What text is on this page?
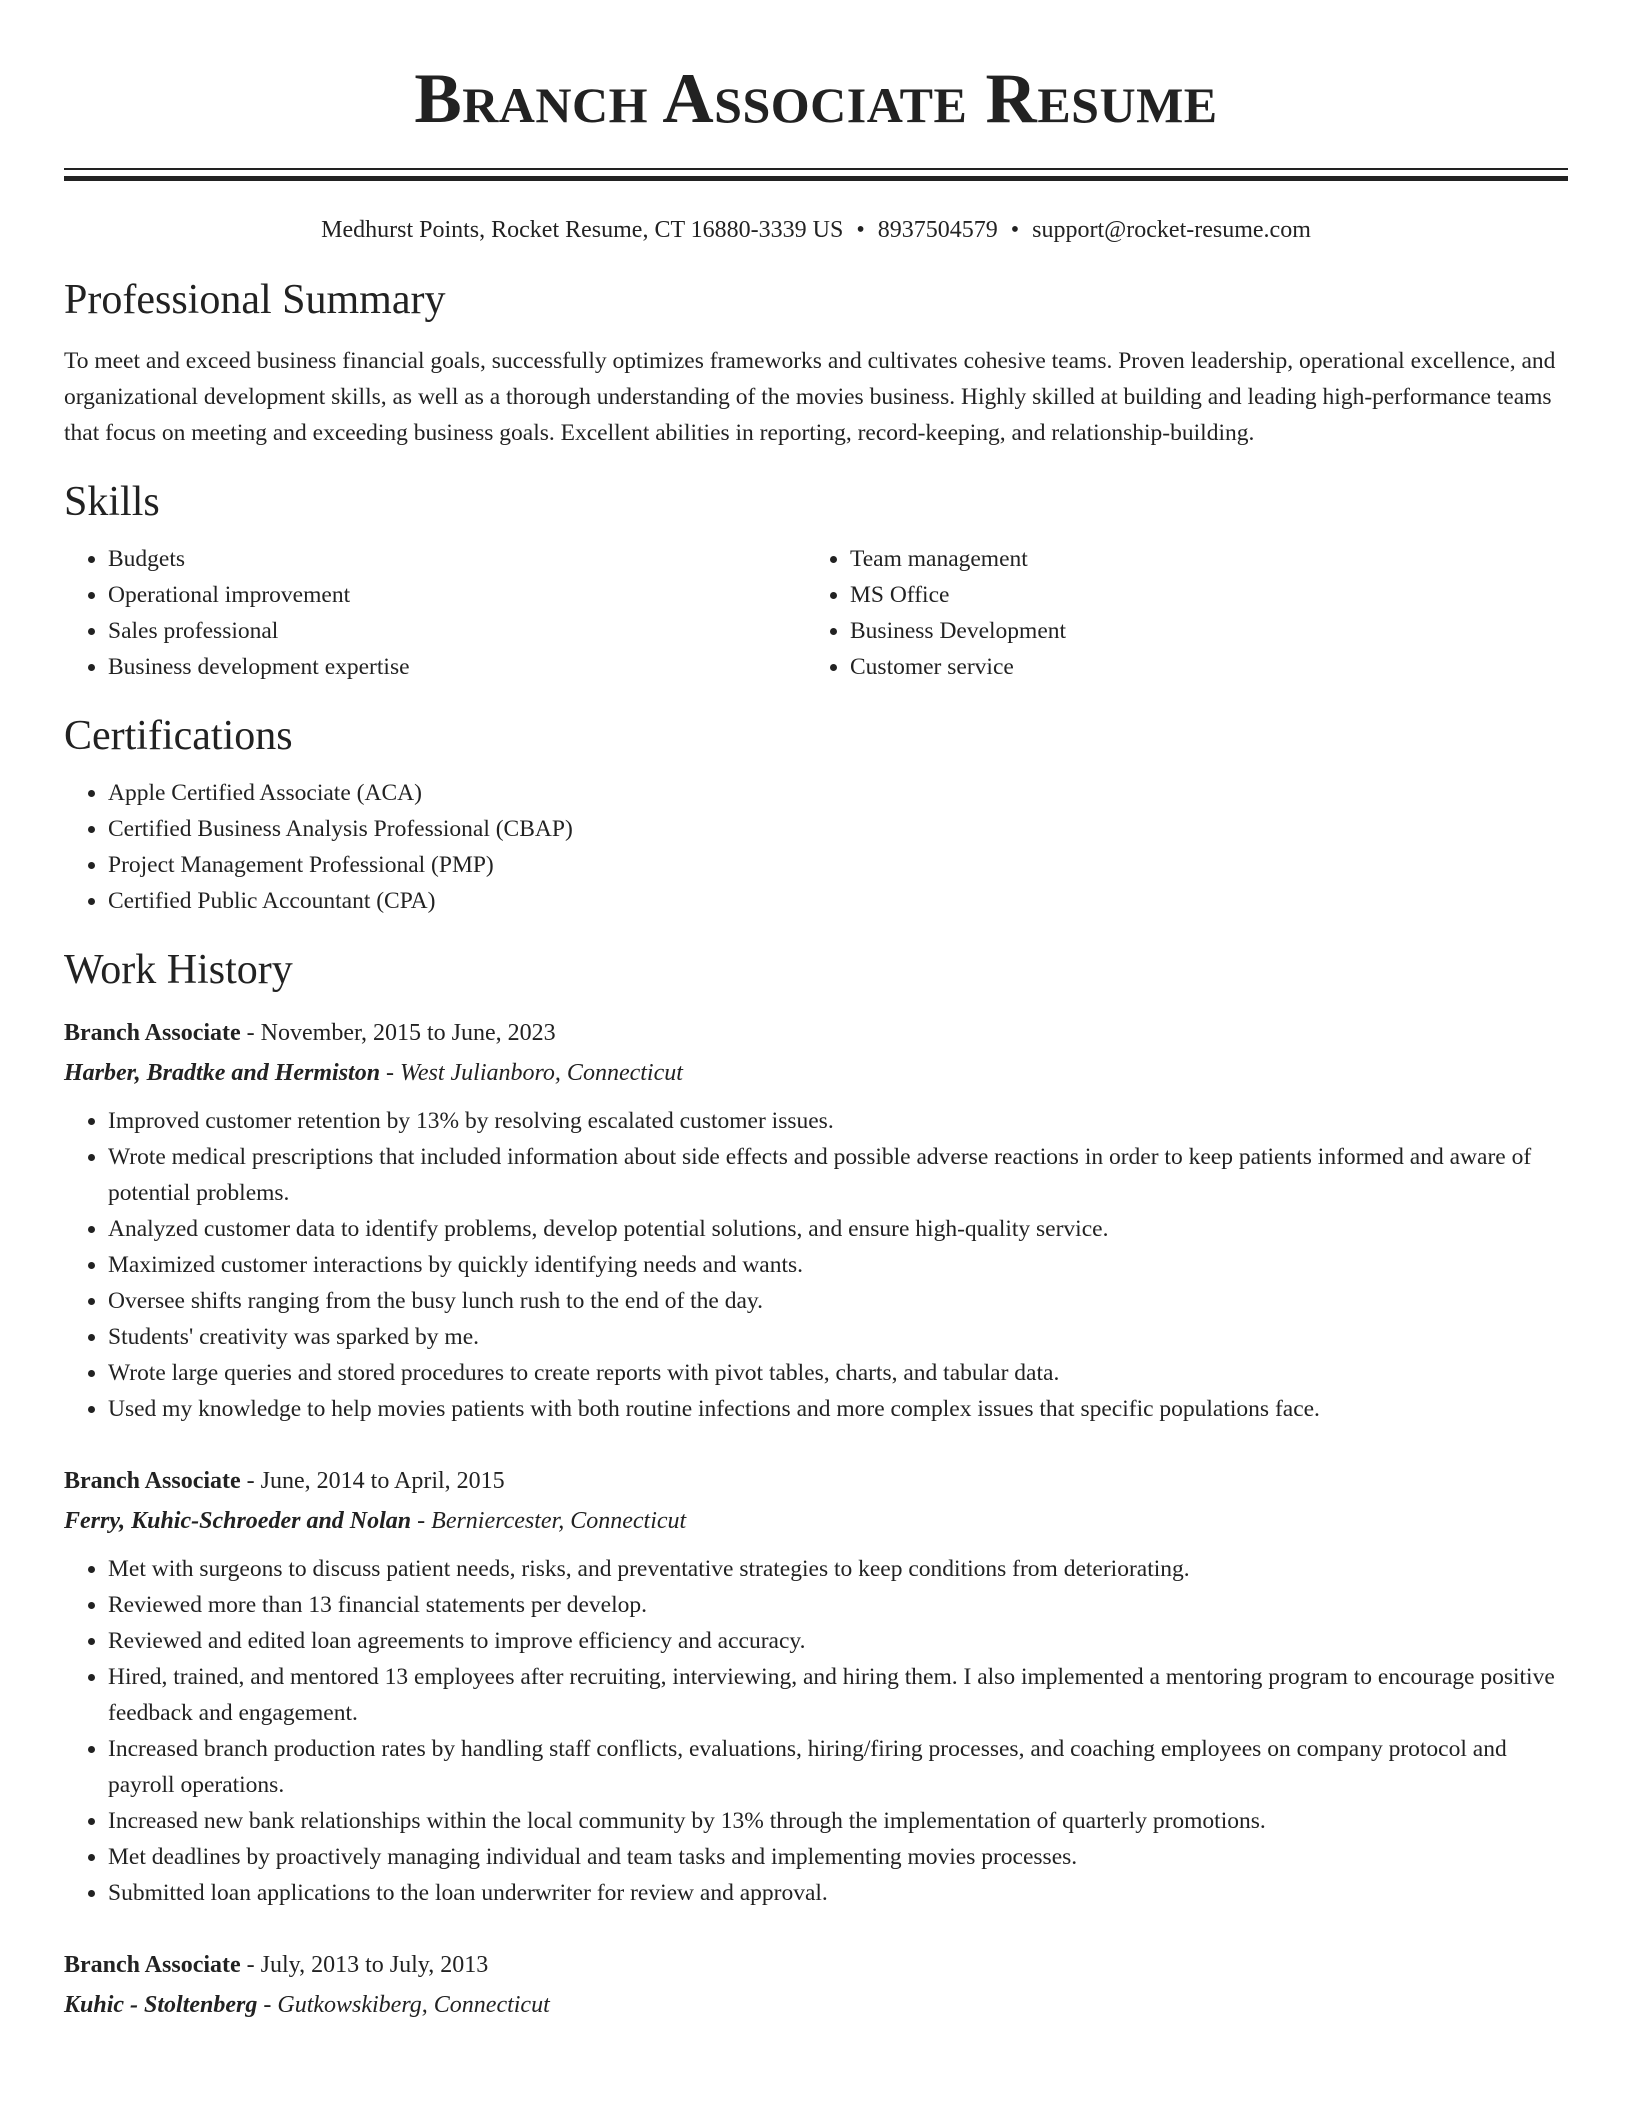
Branch Associate Resume
Medhurst Points, Rocket Resume, CT 16880-3339 US • 8937504579 • support@rocket-resume.com
Professional Summary

To meet and exceed business financial goals, successfully optimizes frameworks and cultivates cohesive teams. Proven leadership, operational excellence, and organizational development skills, as well as a thorough understanding of the movies business. Highly skilled at building and leading high-performance teams that focus on meeting and exceeding business goals. Excellent abilities in reporting, record-keeping, and relationship-building.

Skills
• Budgets
• Operational improvement
• Sales professional
• Business development expertise
• Team management
• MS Office
• Business Development
• Customer service
Certifications
• Apple Certified Associate (ACA)
• Certified Business Analysis Professional (CBAP)
• Project Management Professional (PMP)
• Certified Public Accountant (CPA)
Work History
Branch Associate - November, 2015 to June, 2023
Harber, Bradtke and Hermiston - West Julianboro, Connecticut
• Improved customer retention by 13% by resolving escalated customer issues.
• Wrote medical prescriptions that included information about side effects and possible adverse reactions in order to keep patients informed and aware of potential problems.
• Analyzed customer data to identify problems, develop potential solutions, and ensure high-quality service.
• Maximized customer interactions by quickly identifying needs and wants.
• Oversee shifts ranging from the busy lunch rush to the end of the day.
• Students' creativity was sparked by me.
• Wrote large queries and stored procedures to create reports with pivot tables, charts, and tabular data.
• Used my knowledge to help movies patients with both routine infections and more complex issues that specific populations face.
Branch Associate - June, 2014 to April, 2015
Ferry, Kuhic-Schroeder and Nolan - Berniercester, Connecticut
• Met with surgeons to discuss patient needs, risks, and preventative strategies to keep conditions from deteriorating.
• Reviewed more than 13 financial statements per develop.
• Reviewed and edited loan agreements to improve efficiency and accuracy.
• Hired, trained, and mentored 13 employees after recruiting, interviewing, and hiring them. I also implemented a mentoring program to encourage positive feedback and engagement.
• Increased branch production rates by handling staff conflicts, evaluations, hiring/firing processes, and coaching employees on company protocol and payroll operations.
• Increased new bank relationships within the local community by 13% through the implementation of quarterly promotions.
• Met deadlines by proactively managing individual and team tasks and implementing movies processes.
• Submitted loan applications to the loan underwriter for review and approval.
Branch Associate - July, 2013 to July, 2013
Kuhic - Stoltenberg - Gutkowskiberg, Connecticut
